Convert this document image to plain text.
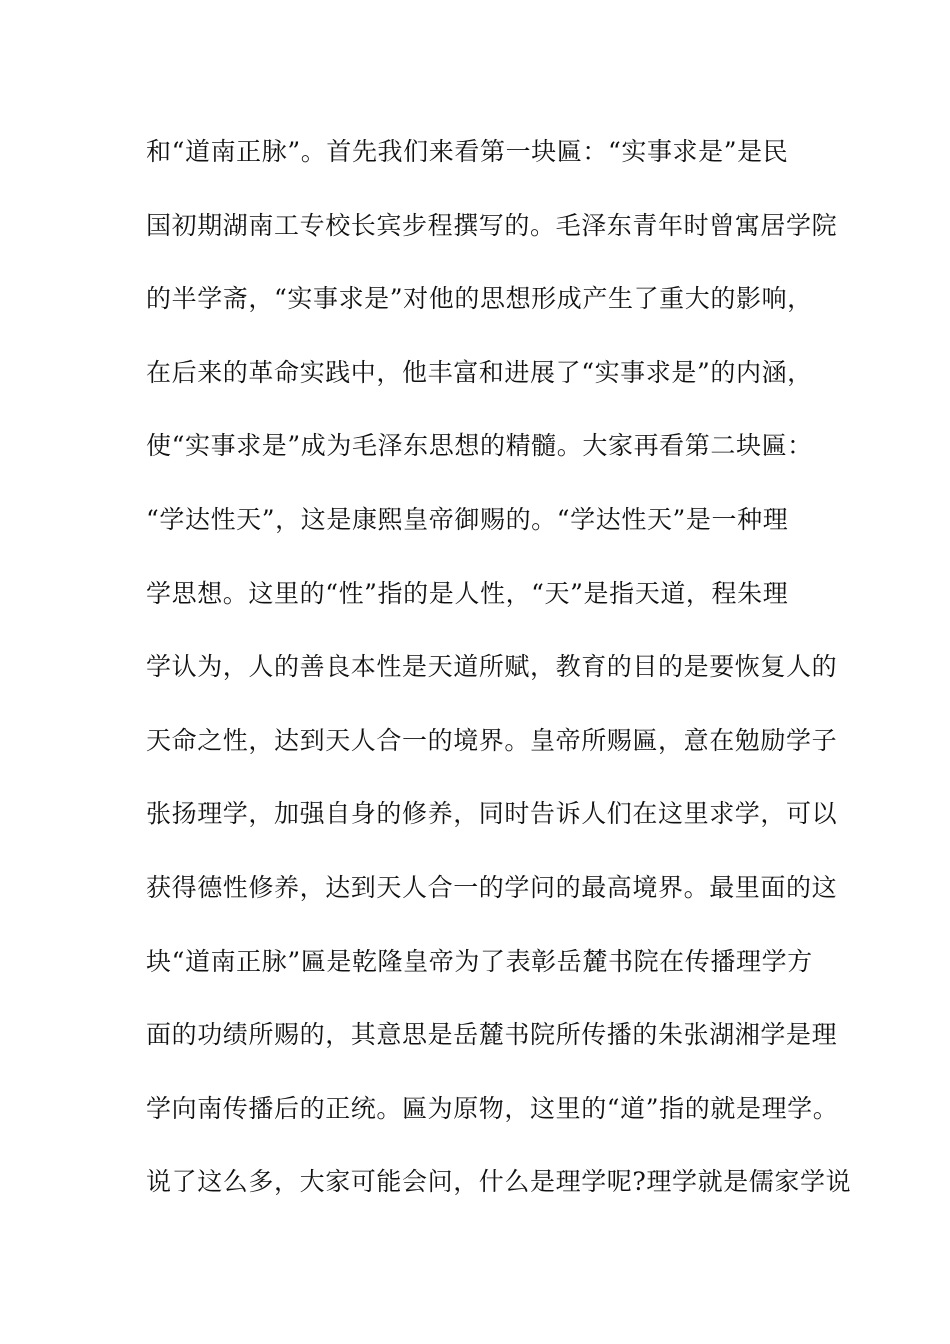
和“道南正脉”。首先我们来看第一块匾：“实事求是”是民
国初期湖南工专校长宾步程撰写的。毛泽东青年时曾寓居学院
的半学斋，“实事求是”对他的思想形成产生了重大的影响，
在后来的革命实践中，他丰富和进展了“实事求是”的内涵，
使“实事求是”成为毛泽东思想的精髓。大家再看第二块匾：
“学达性天”，这是康熙皇帝御赐的。“学达性天”是一种理
学思想。这里的“性”指的是人性，“天”是指天道，程朱理
学认为，人的善良本性是天道所赋，教育的目的是要恢复人的
天命之性，达到天人合一的境界。皇帝所赐匾，意在勉励学子
张扬理学，加强自身的修养，同时告诉人们在这里求学，可以
获得德性修养，达到天人合一的学问的最高境界。最里面的这
块“道南正脉”匾是乾隆皇帝为了表彰岳麓书院在传播理学方
面的功绩所赐的，其意思是岳麓书院所传播的朱张湖湘学是理
学向南传播后的正统。匾为原物，这里的“道”指的就是理学。
说了这么多，大家可能会问，什么是理学呢?理学就是儒家学说
